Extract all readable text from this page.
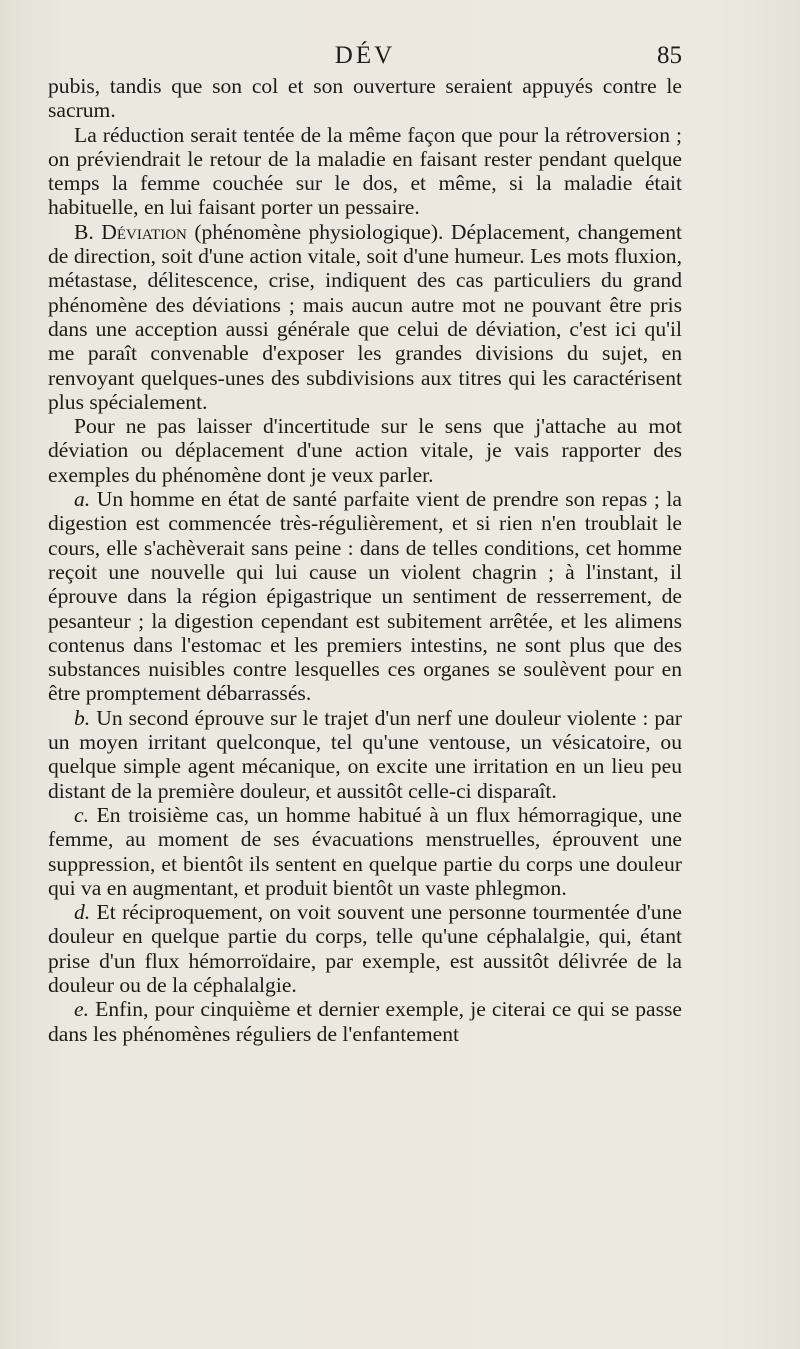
DÉV	85

pubis, tandis que son col et son ouverture seraient appuyés contre le sacrum.

La réduction serait tentée de la même façon que pour la rétroversion ; on préviendrait le retour de la maladie en faisant rester pendant quelque temps la femme couchée sur le dos, et même, si la maladie était habituelle, en lui faisant porter un pessaire.

B. Déviation (phénomène physiologique). Déplacement, changement de direction, soit d'une action vitale, soit d'une humeur. Les mots fluxion, métastase, délitescence, crise, indiquent des cas particuliers du grand phénomène des déviations ; mais aucun autre mot ne pouvant être pris dans une acception aussi générale que celui de déviation, c'est ici qu'il me paraît convenable d'exposer les grandes divisions du sujet, en renvoyant quelques-unes des subdivisions aux titres qui les caractérisent plus spécialement.

Pour ne pas laisser d'incertitude sur le sens que j'attache au mot déviation ou déplacement d'une action vitale, je vais rapporter des exemples du phénomène dont je veux parler.

a. Un homme en état de santé parfaite vient de prendre son repas ; la digestion est commencée très-régulièrement, et si rien n'en troublait le cours, elle s'achèverait sans peine : dans de telles conditions, cet homme reçoit une nouvelle qui lui cause un violent chagrin ; à l'instant, il éprouve dans la région épigastrique un sentiment de resserrement, de pesanteur ; la digestion cependant est subitement arrêtée, et les alimens contenus dans l'estomac et les premiers intestins, ne sont plus que des substances nuisibles contre lesquelles ces organes se soulèvent pour en être promptement débarrassés.

b. Un second éprouve sur le trajet d'un nerf une douleur violente : par un moyen irritant quelconque, tel qu'une ventouse, un vésicatoire, ou quelque simple agent mécanique, on excite une irritation en un lieu peu distant de la première douleur, et aussitôt celle-ci disparaît.

c. En troisième cas, un homme habitué à un flux hémorragique, une femme, au moment de ses évacuations menstruelles, éprouvent une suppression, et bientôt ils sentent en quelque partie du corps une douleur qui va en augmentant, et produit bientôt un vaste phlegmon.

d. Et réciproquement, on voit souvent une personne tourmentée d'une douleur en quelque partie du corps, telle qu'une céphalalgie, qui, étant prise d'un flux hémorroïdaire, par exemple, est aussitôt délivrée de la douleur ou de la céphalalgie.

e. Enfin, pour cinquième et dernier exemple, je citerai ce qui se passe dans les phénomènes réguliers de l'enfantement
